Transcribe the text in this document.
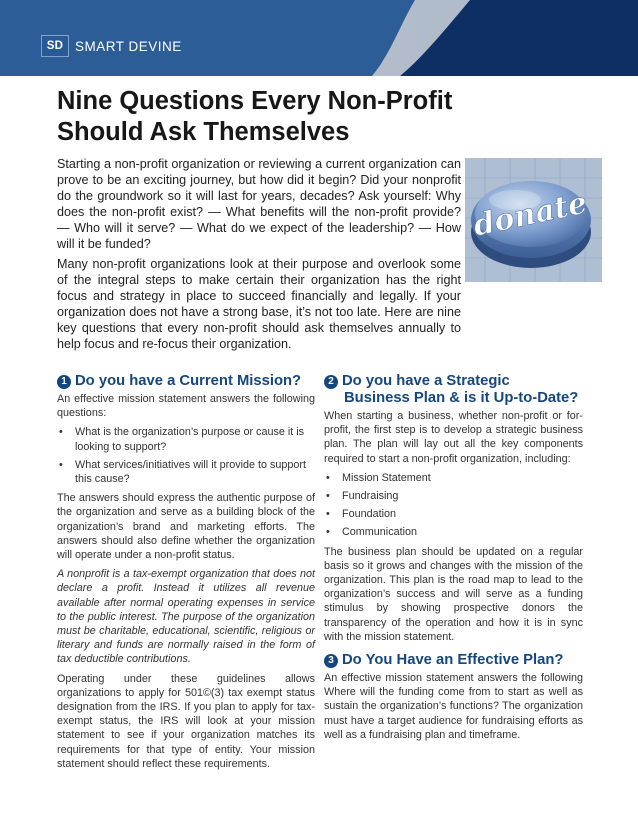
SD SMART DEVINE
Nine Questions Every Non-Profit Should Ask Themselves

Starting a non-profit organization or reviewing a current organization can prove to be an exciting journey, but how did it begin? Did your nonprofit do the groundwork so it will last for years, decades? Ask yourself: Why does the non-profit exist? — What benefits will the non-profit provide? — Who will it serve? — What do we expect of the leadership? — How will it be funded?

Many non-profit organizations look at their purpose and overlook some of the integral steps to make certain their organization has the right focus and strategy in place to succeed financially and legally. If your organization does not have a strong base, it’s not too late. Here are nine key questions that every non-profit should ask themselves annually to help focus and re-focus their organization.

donate
1 Do you have a Current Mission?

An effective mission statement answers the following questions:

• What is the organization’s purpose or cause it is looking to support?
• What services/initiatives will it provide to support this cause?

The answers should express the authentic purpose of the organization and serve as a building block of the organization’s brand and marketing efforts. The answers should also define whether the organization will operate under a non-profit status.

A nonprofit is a tax-exempt organization that does not declare a profit. Instead it utilizes all revenue available after normal operating expenses in service to the public interest. The purpose of the organization must be charitable, educational, scientific, religious or literary and funds are normally raised in the form of tax deductible contributions.

Operating under these guidelines allows organizations to apply for 501©(3) tax exempt status designation from the IRS. If you plan to apply for tax-exempt status, the IRS will look at your mission statement to see if your organization matches its requirements for that type of entity. Your mission statement should reflect these requirements.

2 Do you have a Strategic
Business Plan & is it Up-to-Date?

When starting a business, whether non-profit or for-profit, the first step is to develop a strategic business plan. The plan will lay out all the key components required to start a non-profit organization, including:

• Mission Statement
• Fundraising
• Foundation
• Communication

The business plan should be updated on a regular basis so it grows and changes with the mission of the organization. This plan is the road map to lead to the organization’s success and will serve as a funding stimulus by showing prospective donors the transparency of the operation and how it is in sync with the mission statement.

3 Do You Have an Effective Plan?

An effective mission statement answers the following Where will the funding come from to start as well as sustain the organization’s functions? The organization must have a target audience for fundraising efforts as well as a fundraising plan and timeframe.
